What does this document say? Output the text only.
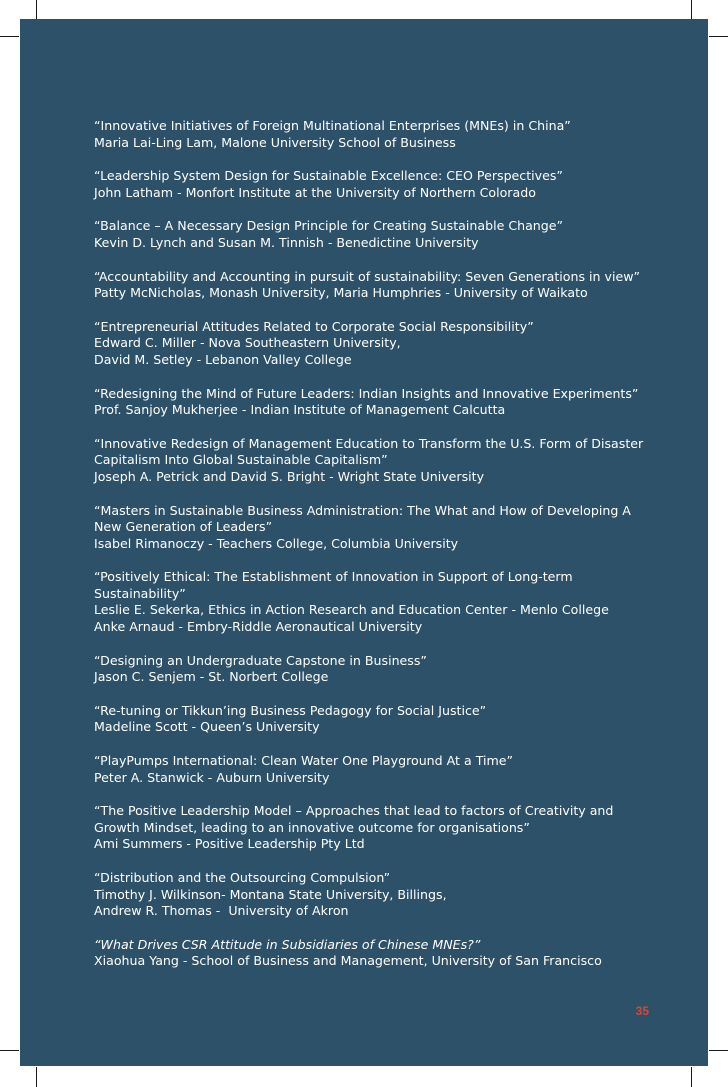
“Innovative Initiatives of Foreign Multinational Enterprises (MNEs) in China”
Maria Lai-Ling Lam, Malone University School of Business
“Leadership System Design for Sustainable Excellence: CEO Perspectives”
John Latham - Monfort Institute at the University of Northern Colorado
“Balance – A Necessary Design Principle for Creating Sustainable Change”
Kevin D. Lynch and Susan M. Tinnish - Benedictine University
“Accountability and Accounting in pursuit of sustainability: Seven Generations in view”
Patty McNicholas, Monash University, Maria Humphries - University of Waikato
“Entrepreneurial Attitudes Related to Corporate Social Responsibility”
Edward C. Miller - Nova Southeastern University,
David M. Setley - Lebanon Valley College
“Redesigning the Mind of Future Leaders: Indian Insights and Innovative Experiments”
Prof. Sanjoy Mukherjee - Indian Institute of Management Calcutta
“Innovative Redesign of Management Education to Transform the U.S. Form of Disaster Capitalism Into Global Sustainable Capitalism”
Joseph A. Petrick and David S. Bright - Wright State University
“Masters in Sustainable Business Administration: The What and How of Developing A New Generation of Leaders”
Isabel Rimanoczy - Teachers College, Columbia University
“Positively Ethical: The Establishment of Innovation in Support of Long-term Sustainability”
Leslie E. Sekerka, Ethics in Action Research and Education Center - Menlo College
Anke Arnaud - Embry-Riddle Aeronautical University
“Designing an Undergraduate Capstone in Business”
Jason C. Senjem - St. Norbert College
“Re-tuning or Tikkun’ing Business Pedagogy for Social Justice”
Madeline Scott - Queen’s University
“PlayPumps International: Clean Water One Playground At a Time”
Peter A. Stanwick - Auburn University
“The Positive Leadership Model – Approaches that lead to factors of Creativity and Growth Mindset, leading to an innovative outcome for organisations”
Ami Summers - Positive Leadership Pty Ltd
“Distribution and the Outsourcing Compulsion”
Timothy J. Wilkinson- Montana State University, Billings,
Andrew R. Thomas -  University of Akron
“What Drives CSR Attitude in Subsidiaries of Chinese MNEs?”
Xiaohua Yang - School of Business and Management, University of San Francisco
35
